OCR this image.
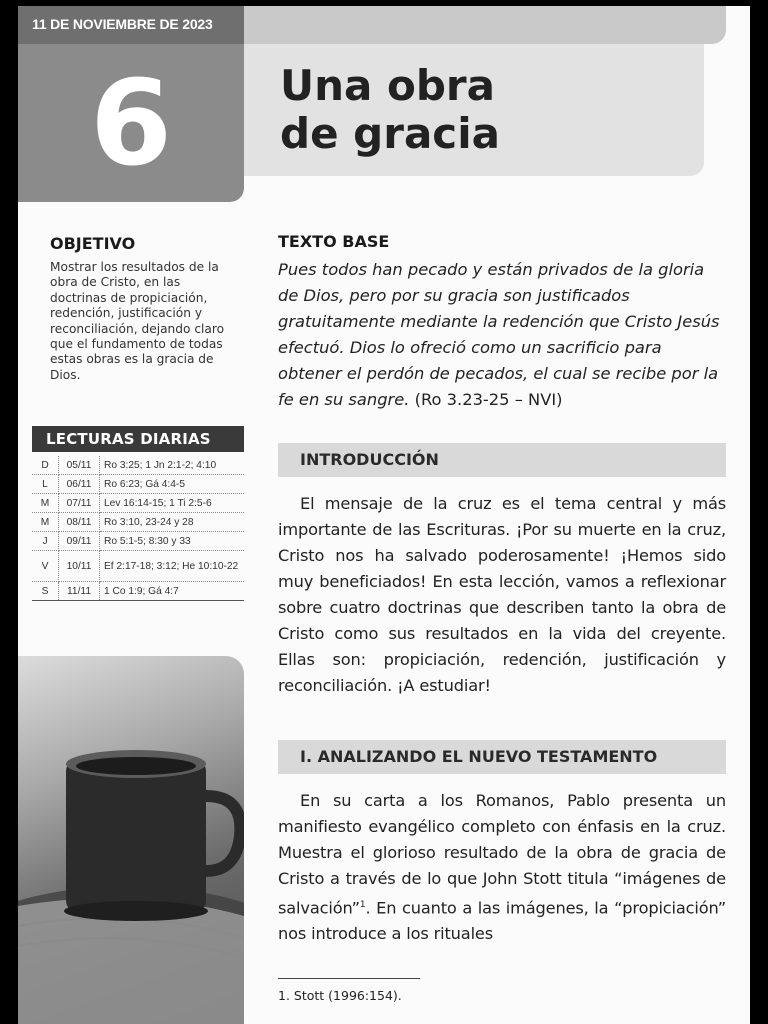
11 DE NOVIEMBRE DE 2023
6	Una obra
de gracia
OBJETIVO

Mostrar los resultados de la obra de Cristo, en las doctrinas de propiciación, redención, justificación y reconciliación, dejando claro que el fundamento de todas estas obras es la gracia de Dios.

LECTURAS DIARIAS
D	05/11	Ro 3:25; 1 Jn 2:1-2; 4:10
L	06/11	Ro 6:23; Gá 4:4-5
M	07/11	Lev 16:14-15; 1 Ti 2:5-6
M	08/11	Ro 3:10, 23-24 y 28
J	09/11	Ro 5:1-5; 8:30 y 33
V	10/11	Ef 2:17-18; 3:12; He 10:10-22
S	11/11	1 Co 1:9; Gá 4:7
TEXTO BASE

Pues todos han pecado y están privados de la gloria de Dios, pero por su gracia son justificados gratuitamente mediante la redención que Cristo Jesús efectuó. Dios lo ofreció como un sacrificio para obtener el perdón de pecados, el cual se recibe por la fe en su sangre. (Ro 3.23-25 – NVI)

INTRODUCCIÓN

El mensaje de la cruz es el tema central y más importante de las Escrituras. ¡Por su muerte en la cruz, Cristo nos ha salvado poderosamente! ¡Hemos sido muy beneficiados! En esta lección, vamos a reflexionar sobre cuatro doctrinas que describen tanto la obra de Cristo como sus resultados en la vida del creyente. Ellas son: propiciación, redención, justificación y reconciliación. ¡A estudiar!

I. ANALIZANDO EL NUEVO TESTAMENTO

En su carta a los Romanos, Pablo presenta un manifiesto evangélico completo con énfasis en la cruz. Muestra el glorioso resultado de la obra de gracia de Cristo a través de lo que John Stott titula “imágenes de salvación”$^1$. En cuanto a las imágenes, la “propiciación” nos introduce a los rituales

1. Stott (1996:154).
